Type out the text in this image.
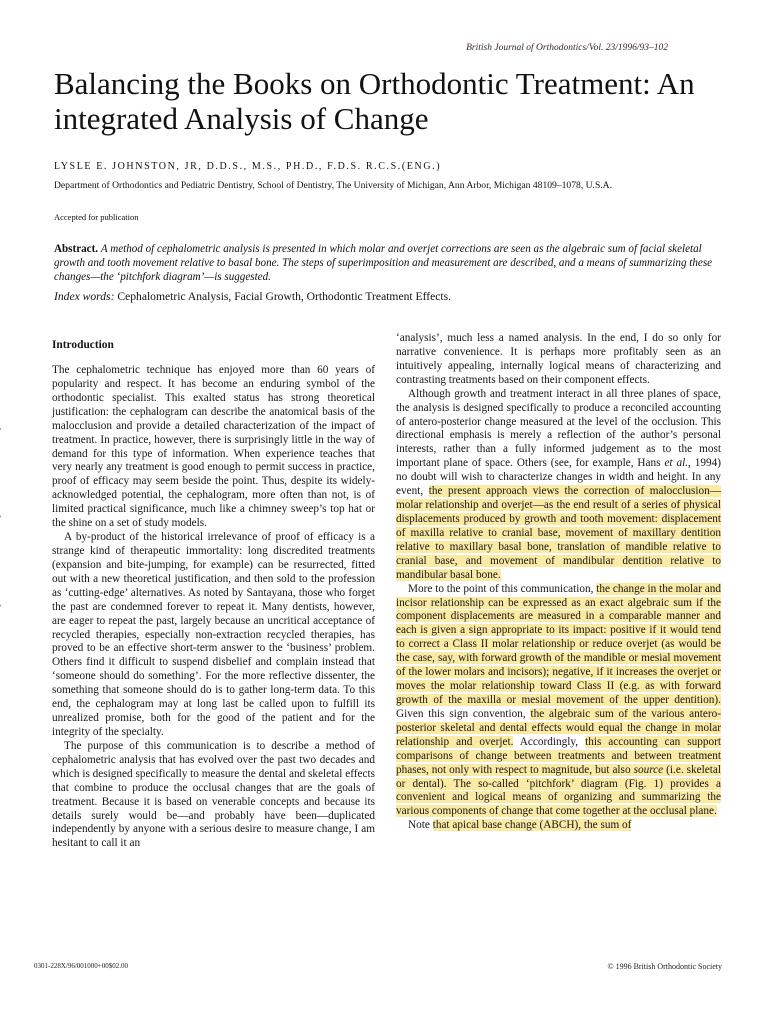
British Journal of Orthodontics/Vol. 23/1996/93–102
Balancing the Books on Orthodontic Treatment: An integrated Analysis of Change
LYSLE E. JOHNSTON, JR, D.D.S., M.S., PH.D., F.D.S. R.C.S.(ENG.)
Department of Orthodontics and Pediatric Dentistry, School of Dentistry, The University of Michigan, Ann Arbor, Michigan 48109–1078, U.S.A.
Accepted for publication
Abstract. A method of cephalometric analysis is presented in which molar and overjet corrections are seen as the algebraic sum of facial skeletal growth and tooth movement relative to basal bone. The steps of superimposition and measurement are described, and a means of summarizing these changes—the ‘pitchfork diagram’—is suggested.
Index words: Cephalometric Analysis, Facial Growth, Orthodontic Treatment Effects.
Introduction

The cephalometric technique has enjoyed more than 60 years of popularity and respect. It has become an enduring symbol of the orthodontic specialist. This exalted status has strong theoretical justification: the cephalogram can describe the anatomical basis of the malocclusion and provide a detailed characterization of the impact of treatment. In practice, however, there is surprisingly little in the way of demand for this type of information. When experience teaches that very nearly any treatment is good enough to permit success in practice, proof of efficacy may seem beside the point. Thus, despite its widely-acknowledged potential, the cephalogram, more often than not, is of limited practical significance, much like a chimney sweep’s top hat or the shine on a set of study models.

A by-product of the historical irrelevance of proof of efficacy is a strange kind of therapeutic immortality: long discredited treatments (expansion and bite-jumping, for example) can be resurrected, fitted out with a new theoretical justification, and then sold to the profession as ‘cutting-edge’ alternatives. As noted by Santayana, those who forget the past are condemned forever to repeat it. Many dentists, however, are eager to repeat the past, largely because an uncritical acceptance of recycled therapies, especially non-extraction recycled therapies, has proved to be an effective short-term answer to the ‘business’ problem. Others find it difficult to suspend disbelief and complain instead that ‘someone should do something’. For the more reflective dissenter, the something that someone should do is to gather long-term data. To this end, the cephalogram may at long last be called upon to fulfill its unrealized promise, both for the good of the patient and for the integrity of the specialty.

The purpose of this communication is to describe a method of cephalometric analysis that has evolved over the past two decades and which is designed specifically to measure the dental and skeletal effects that combine to produce the occlusal changes that are the goals of treatment. Because it is based on venerable concepts and because its details surely would be—and probably have been—duplicated independently by anyone with a serious desire to measure change, I am hesitant to call it an

‘analysis’, much less a named analysis. In the end, I do so only for narrative convenience. It is perhaps more profitably seen as an intuitively appealing, internally logical means of characterizing and contrasting treatments based on their component effects.

Although growth and treatment interact in all three planes of space, the analysis is designed specifically to produce a reconciled accounting of antero-posterior change measured at the level of the occlusion. This directional emphasis is merely a reflection of the author’s personal interests, rather than a fully informed judgement as to the most important plane of space. Others (see, for example, Hans et al., 1994) no doubt will wish to characterize changes in width and height. In any event, the present approach views the correction of malocclusion—molar relationship and overjet—as the end result of a series of physical displacements produced by growth and tooth movement: displacement of maxilla relative to cranial base, movement of maxillary dentition relative to maxillary basal bone, translation of mandible relative to cranial base, and movement of mandibular dentition relative to mandibular basal bone.

More to the point of this communication, the change in the molar and incisor relationship can be expressed as an exact algebraic sum if the component displacements are measured in a comparable manner and each is given a sign appropriate to its impact: positive if it would tend to correct a Class II molar relationship or reduce overjet (as would be the case, say, with forward growth of the mandible or mesial movement of the lower molars and incisors); negative, if it increases the overjet or moves the molar relationship toward Class II (e.g. as with forward growth of the maxilla or mesial movement of the upper dentition). Given this sign convention, the algebraic sum of the various antero-posterior skeletal and dental effects would equal the change in molar relationship and overjet. Accordingly, this accounting can support comparisons of change between treatments and between treatment phases, not only with respect to magnitude, but also source (i.e. skeletal or dental). The so-called ‘pitchfork’ diagram (Fig. 1) provides a convenient and logical means of organizing and summarizing the various components of change that come together at the occlusal plane.

Note that apical base change (ABCH), the sum of

0301-228X/96/001000+00$02.00	© 1996 British Orthodontic Society
